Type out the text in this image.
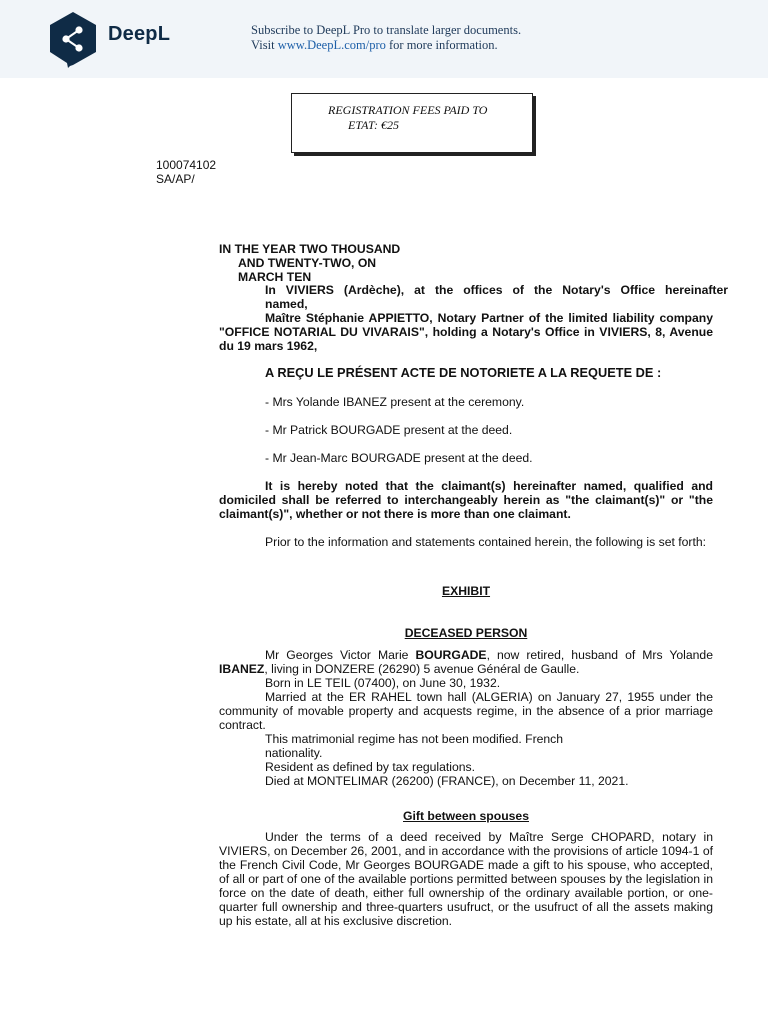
DeepL	Subscribe to DeepL Pro to translate larger documents.
Visit www.DeepL.com/pro for more information.
REGISTRATION FEES PAID TO
ETAT: €25
100074102
SA/AP/
IN THE YEAR TWO THOUSAND
AND TWENTY-TWO, ON
MARCH TEN
In VIVIERS (Ardèche), at the offices of the Notary's Office hereinafter
named,
Maître Stéphanie APPIETTO, Notary Partner of the limited liability company "OFFICE NOTARIAL DU VIVARAIS", holding a Notary's Office in VIVIERS, 8, Avenue du 19 mars 1962,
A REÇU LE PRÉSENT ACTE DE NOTORIETE A LA REQUETE DE :
- Mrs Yolande IBANEZ present at the ceremony.
- Mr Patrick BOURGADE present at the deed.
- Mr Jean-Marc BOURGADE present at the deed.
It is hereby noted that the claimant(s) hereinafter named, qualified and domiciled shall be referred to interchangeably herein as "the claimant(s)" or "the claimant(s)", whether or not there is more than one claimant.
Prior to the information and statements contained herein, the following is set forth:
EXHIBIT
DECEASED PERSON
Mr Georges Victor Marie BOURGADE, now retired, husband of Mrs Yolande IBANEZ, living in DONZERE (26290) 5 avenue Général de Gaulle.
Born in LE TEIL (07400), on June 30, 1932.
Married at the ER RAHEL town hall (ALGERIA) on January 27, 1955 under the community of movable property and acquests regime, in the absence of a prior marriage contract.
This matrimonial regime has not been modified. French
nationality.
Resident as defined by tax regulations.
Died at MONTELIMAR (26200) (FRANCE), on December 11, 2021.
Gift between spouses
Under the terms of a deed received by Maître Serge CHOPARD, notary in VIVIERS, on December 26, 2001, and in accordance with the provisions of article 1094-1 of the French Civil Code, Mr Georges BOURGADE made a gift to his spouse, who accepted, of all or part of one of the available portions permitted between spouses by the legislation in force on the date of death, either full ownership of the ordinary available portion, or one-quarter full ownership and three-quarters usufruct, or the usufruct of all the assets making up his estate, all at his exclusive discretion.
